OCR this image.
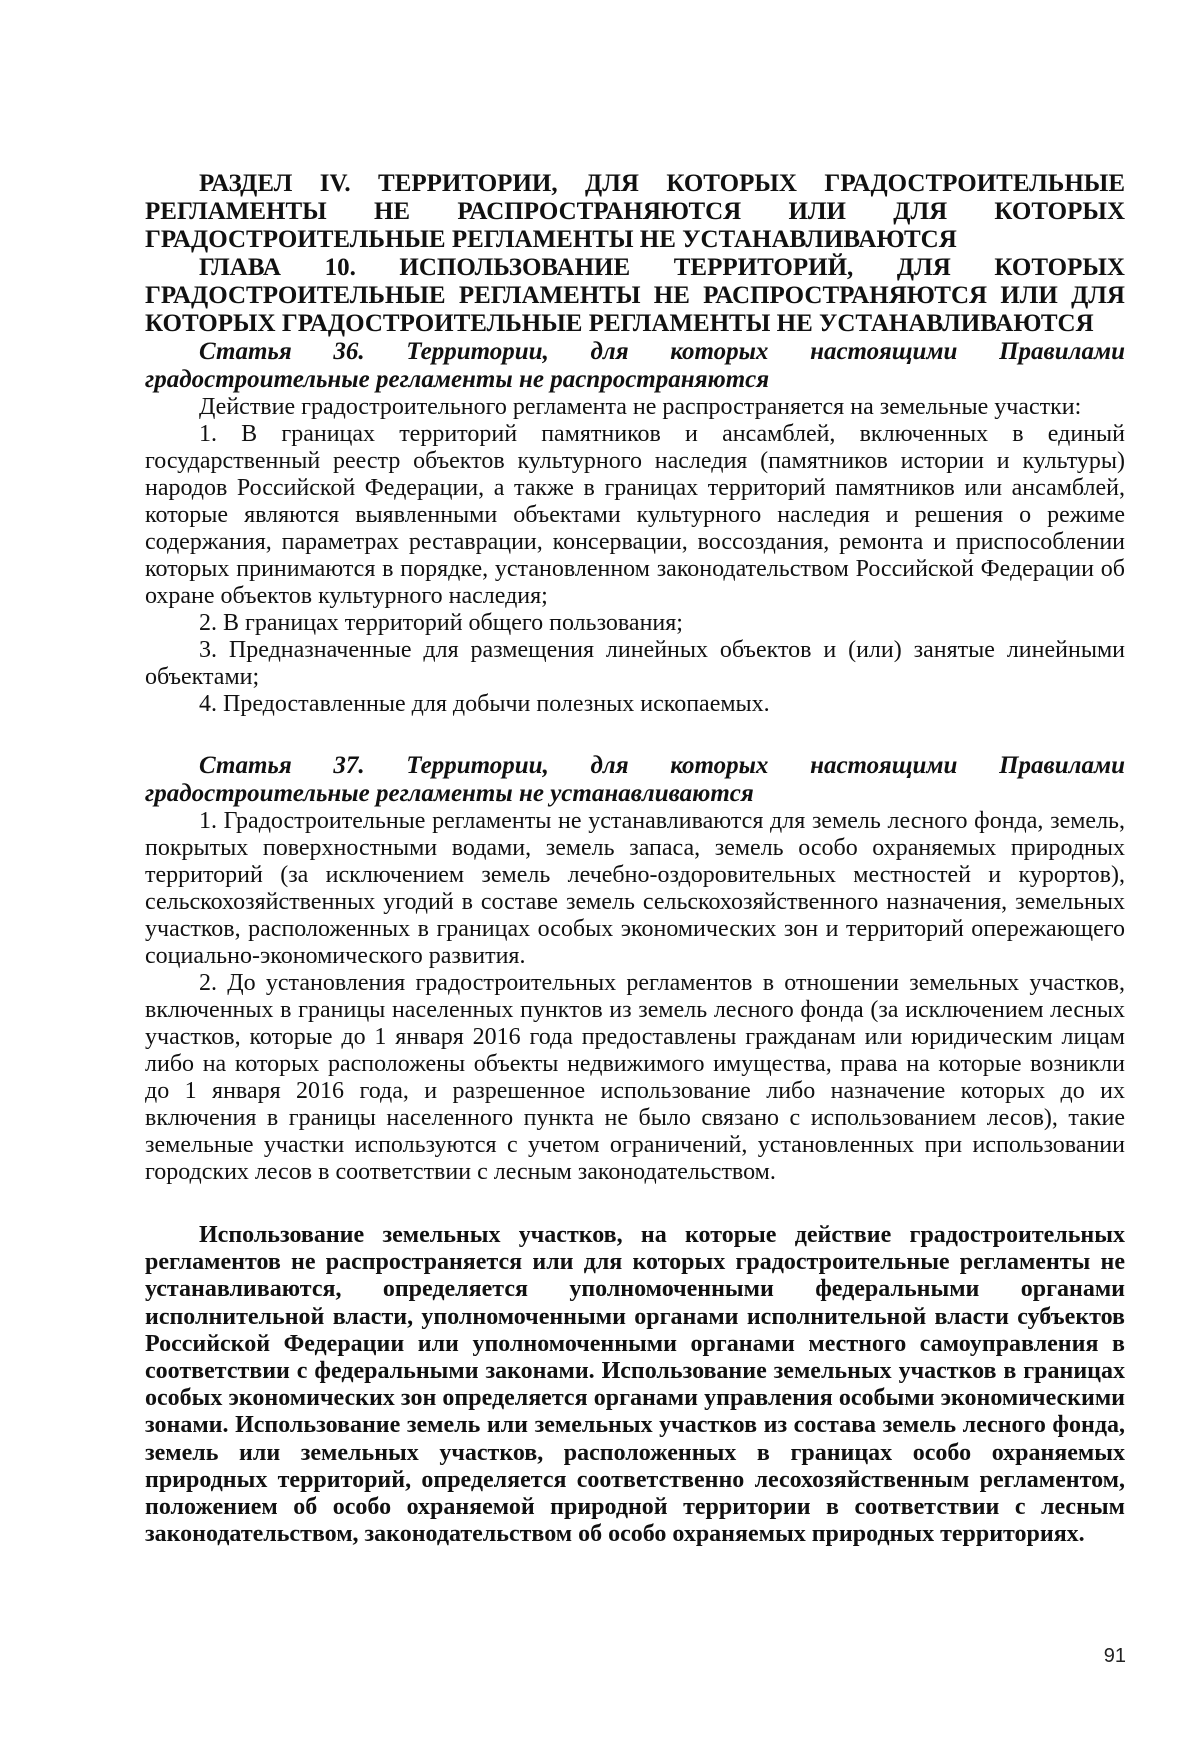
РАЗДЕЛ IV. ТЕРРИТОРИИ, ДЛЯ КОТОРЫХ ГРАДОСТРОИТЕЛЬНЫЕ РЕГЛАМЕНТЫ НЕ РАСПРОСТРАНЯЮТСЯ ИЛИ ДЛЯ КОТОРЫХ ГРАДОСТРОИТЕЛЬНЫЕ РЕГЛАМЕНТЫ НЕ УСТАНАВЛИВАЮТСЯ

ГЛАВА 10. ИСПОЛЬЗОВАНИЕ ТЕРРИТОРИЙ, ДЛЯ КОТОРЫХ ГРАДОСТРОИТЕЛЬНЫЕ РЕГЛАМЕНТЫ НЕ РАСПРОСТРАНЯЮТСЯ ИЛИ ДЛЯ КОТОРЫХ ГРАДОСТРОИТЕЛЬНЫЕ РЕГЛАМЕНТЫ НЕ УСТАНАВЛИВАЮТСЯ

Статья 36. Территории, для которых настоящими Правилами градостроительные регламенты не распространяются

Действие градостроительного регламента не распространяется на земельные участки:

1. В границах территорий памятников и ансамблей, включенных в единый государственный реестр объектов культурного наследия (памятников истории и культуры) народов Российской Федерации, а также в границах территорий памятников или ансамблей, которые являются выявленными объектами культурного наследия и решения о режиме содержания, параметрах реставрации, консервации, воссоздания, ремонта и приспособлении которых принимаются в порядке, установленном законодательством Российской Федерации об охране объектов культурного наследия;

2. В границах территорий общего пользования;

3. Предназначенные для размещения линейных объектов и (или) занятые линейными объектами;

4. Предоставленные для добычи полезных ископаемых.

Статья 37. Территории, для которых настоящими Правилами градостроительные регламенты не устанавливаются

1. Градостроительные регламенты не устанавливаются для земель лесного фонда, земель, покрытых поверхностными водами, земель запаса, земель особо охраняемых природных территорий (за исключением земель лечебно-оздоровительных местностей и курортов), сельскохозяйственных угодий в составе земель сельскохозяйственного назначения, земельных участков, расположенных в границах особых экономических зон и территорий опережающего социально-экономического развития.

2. До установления градостроительных регламентов в отношении земельных участков, включенных в границы населенных пунктов из земель лесного фонда (за исключением лесных участков, которые до 1 января 2016 года предоставлены гражданам или юридическим лицам либо на которых расположены объекты недвижимого имущества, права на которые возникли до 1 января 2016 года, и разрешенное использование либо назначение которых до их включения в границы населенного пункта не было связано с использованием лесов), такие земельные участки используются с учетом ограничений, установленных при использовании городских лесов в соответствии с лесным законодательством.

Использование земельных участков, на которые действие градостроительных регламентов не распространяется или для которых градостроительные регламенты не устанавливаются, определяется уполномоченными федеральными органами исполнительной власти, уполномоченными органами исполнительной власти субъектов Российской Федерации или уполномоченными органами местного самоуправления в соответствии с федеральными законами. Использование земельных участков в границах особых экономических зон определяется органами управления особыми экономическими зонами. Использование земель или земельных участков из состава земель лесного фонда, земель или земельных участков, расположенных в границах особо охраняемых природных территорий, определяется соответственно лесохозяйственным регламентом, положением об особо охраняемой природной территории в соответствии с лесным законодательством, законодательством об особо охраняемых природных территориях.

91
